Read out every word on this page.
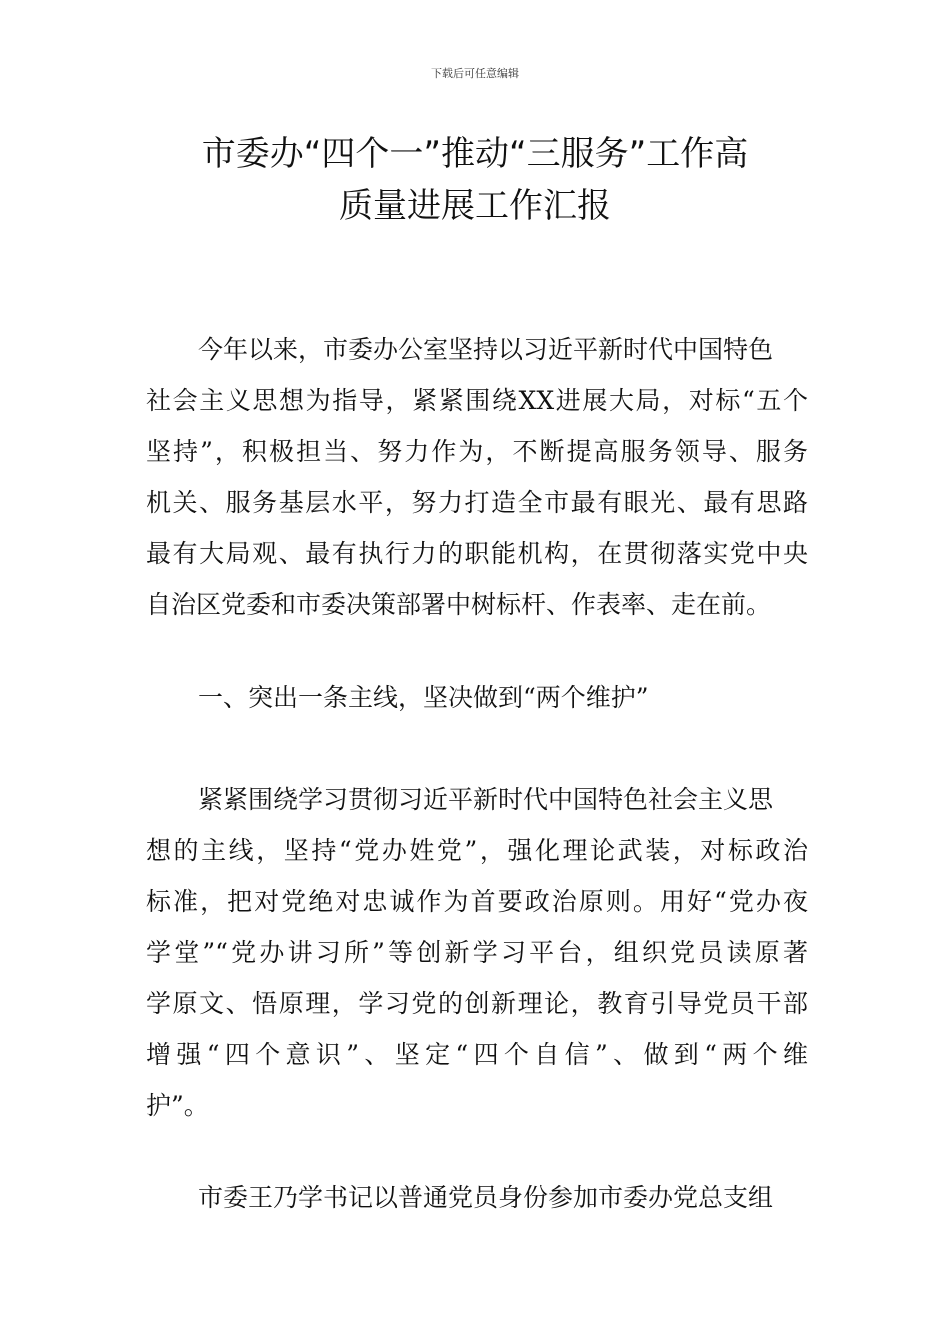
下载后可任意编辑
市委办“四个一”推动“三服务”工作高
质量进展工作汇报
今年以来，市委办公室坚持以习近平新时代中国特色
社会主义思想为指导，紧紧围绕XX进展大局，对标“五个
坚持”，积极担当、努力作为，不断提高服务领导、服务
机关、服务基层水平，努力打造全市最有眼光、最有思路
最有大局观、最有执行力的职能机构，在贯彻落实党中央
自治区党委和市委决策部署中树标杆、作表率、走在前。
一、突出一条主线，坚决做到“两个维护”
紧紧围绕学习贯彻习近平新时代中国特色社会主义思
想的主线，坚持“党办姓党”，强化理论武装，对标政治
标准，把对党绝对忠诚作为首要政治原则。用好“党办夜
学堂”“党办讲习所”等创新学习平台，组织党员读原著
学原文、悟原理，学习党的创新理论，教育引导党员干部
增强“四个意识”、坚定“四个自信”、做到“两个维
护”。
市委王乃学书记以普通党员身份参加市委办党总支组
